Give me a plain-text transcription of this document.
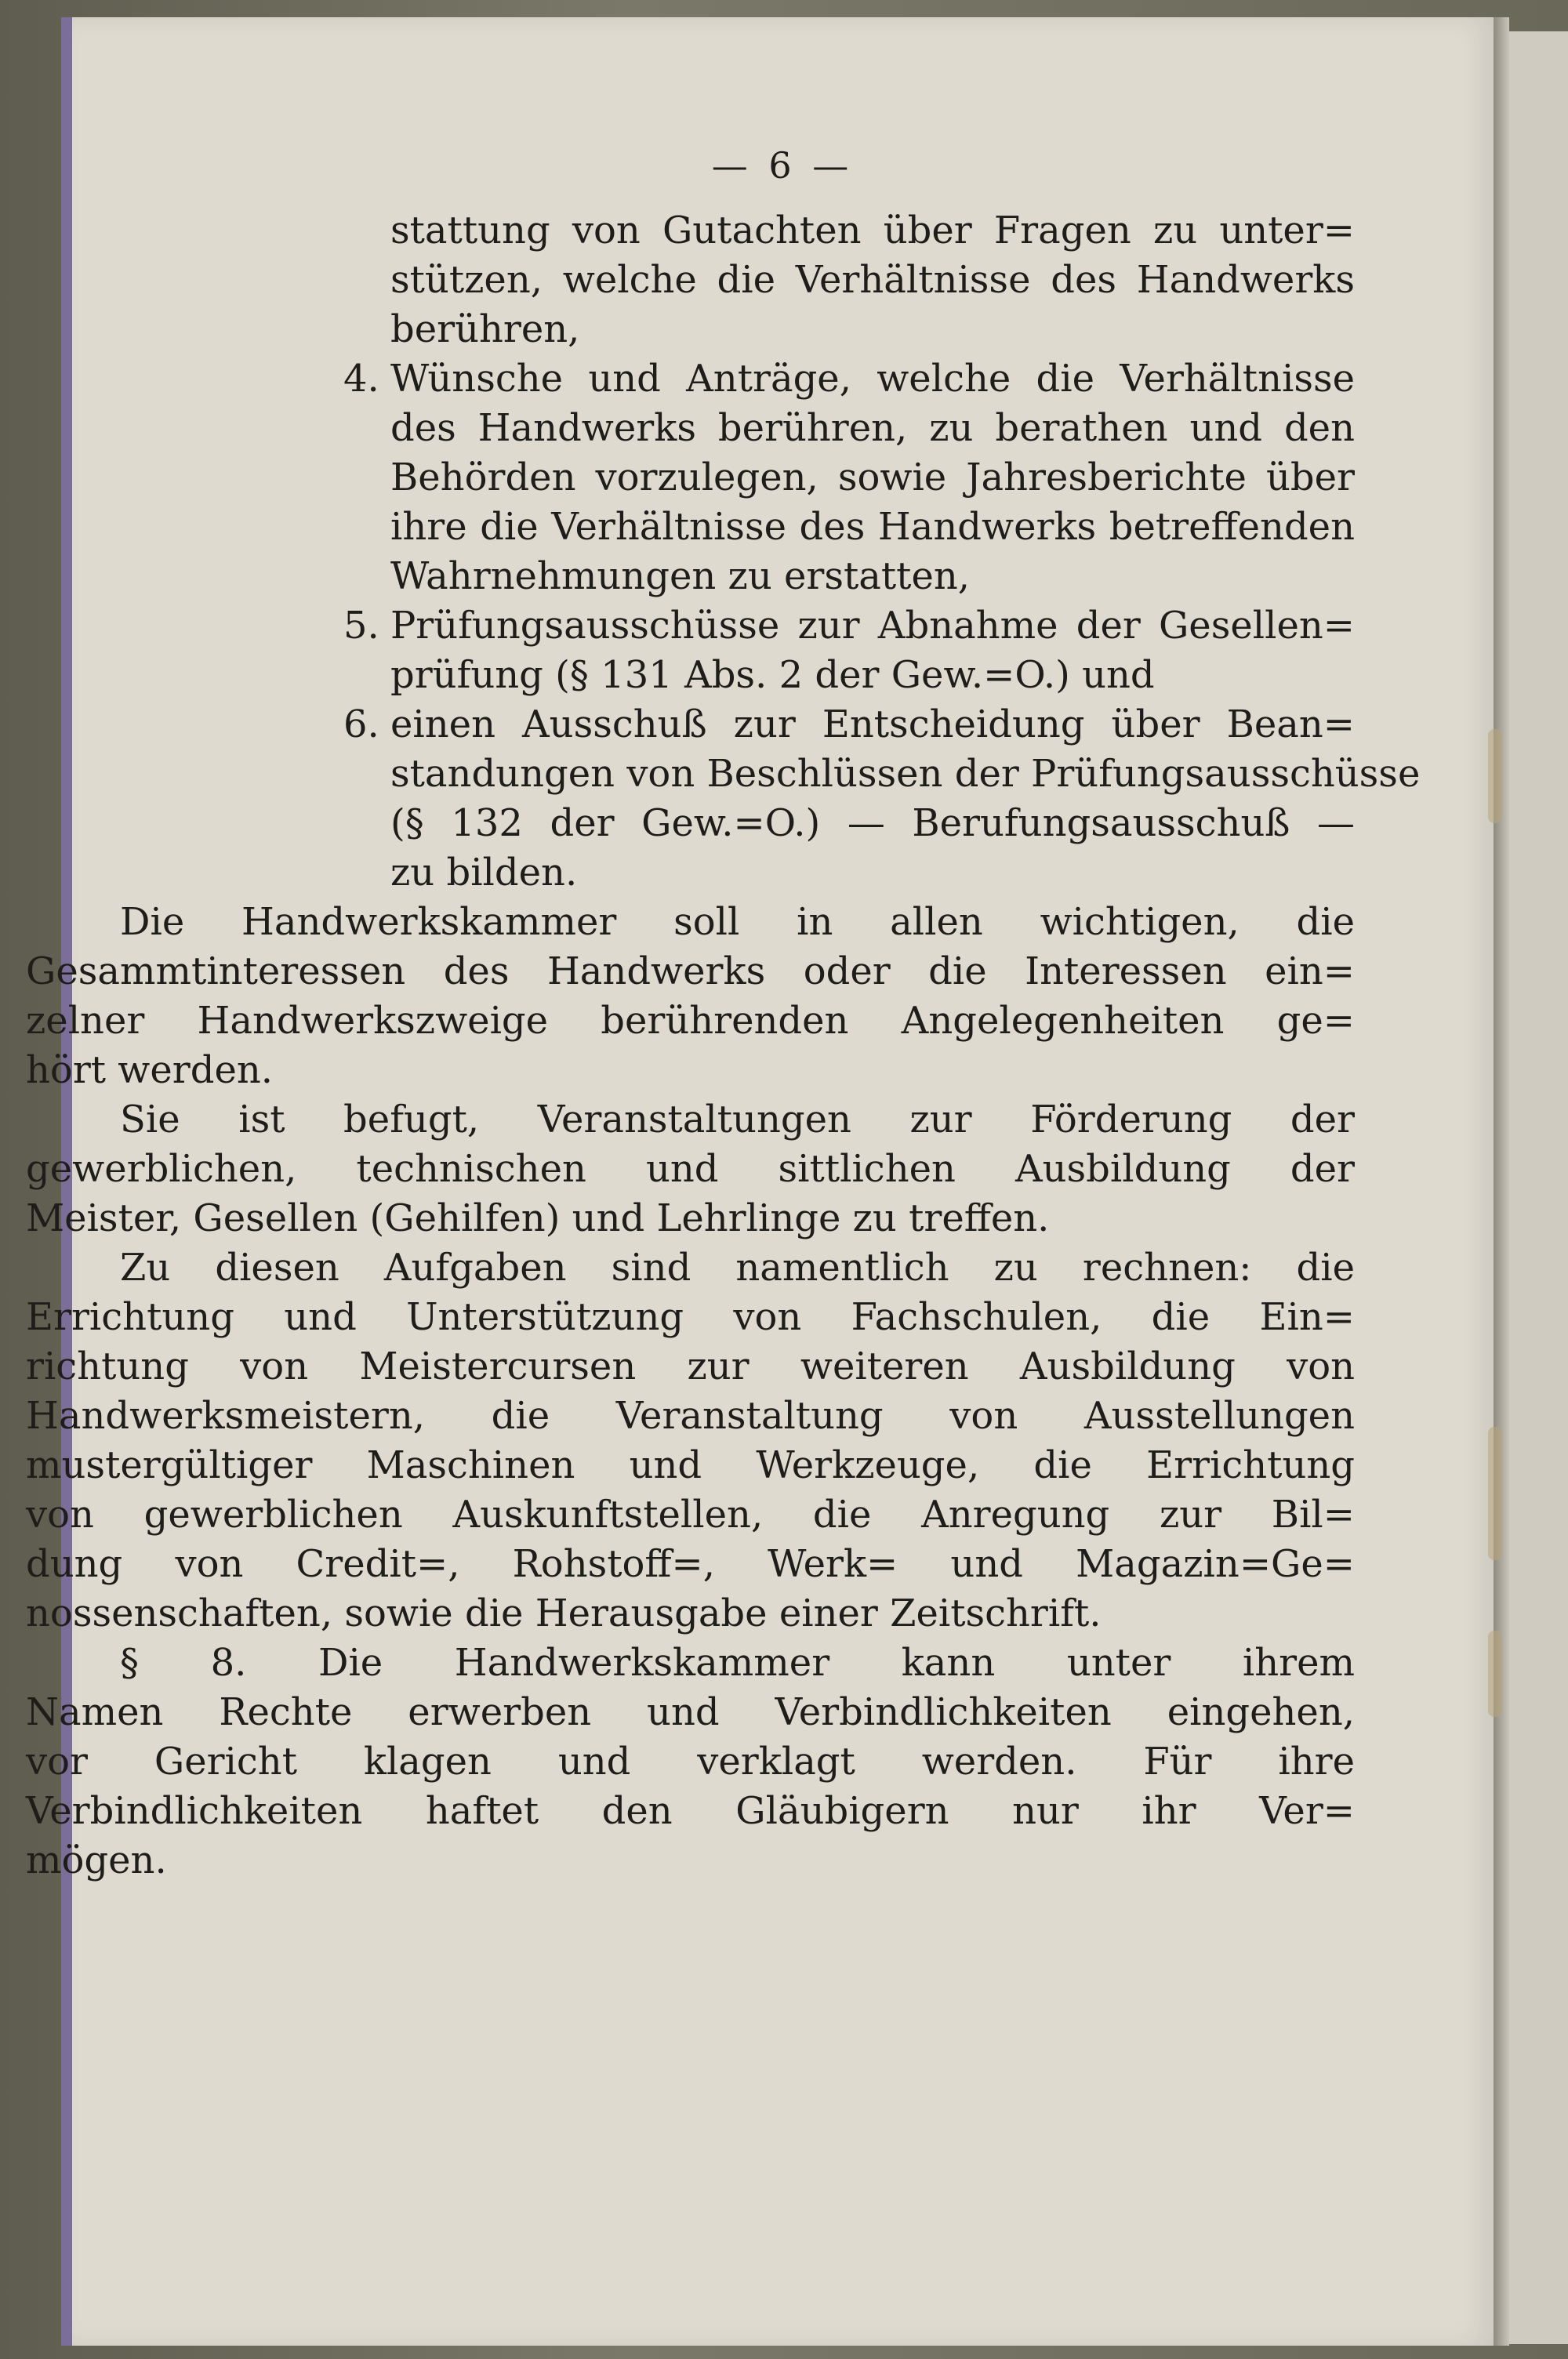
— 6 —
stattung von Gutachten über Fragen zu unter=
stützen, welche die Verhältnisse des Handwerks
berühren,
4. Wünsche und Anträge, welche die Verhältnisse
des Handwerks berühren, zu berathen und den
Behörden vorzulegen, sowie Jahresberichte über
ihre die Verhältnisse des Handwerks betreffenden
Wahrnehmungen zu erstatten,
5. Prüfungsausschüsse zur Abnahme der Gesellen=
prüfung (§ 131 Abs. 2 der Gew.=O.) und
6. einen Ausschuß zur Entscheidung über Bean=
standungen von Beschlüssen der Prüfungsausschüsse
(§ 132 der Gew.=O.) — Berufungsausschuß —
zu bilden.
Die Handwerkskammer soll in allen wichtigen, die
Gesammtinteressen des Handwerks oder die Interessen ein=
zelner Handwerkszweige berührenden Angelegenheiten ge=
hört werden.
Sie ist befugt, Veranstaltungen zur Förderung der
gewerblichen, technischen und sittlichen Ausbildung der
Meister, Gesellen (Gehilfen) und Lehrlinge zu treffen.
Zu diesen Aufgaben sind namentlich zu rechnen: die
Errichtung und Unterstützung von Fachschulen, die Ein=
richtung von Meistercursen zur weiteren Ausbildung von
Handwerksmeistern, die Veranstaltung von Ausstellungen
mustergültiger Maschinen und Werkzeuge, die Errichtung
von gewerblichen Auskunftstellen, die Anregung zur Bil=
dung von Credit=, Rohstoff=, Werk= und Magazin=Ge=
nossenschaften, sowie die Herausgabe einer Zeitschrift.
§ 8. Die Handwerkskammer kann unter ihrem
Namen Rechte erwerben und Verbindlichkeiten eingehen,
vor Gericht klagen und verklagt werden. Für ihre
Verbindlichkeiten haftet den Gläubigern nur ihr Ver=
mögen.
